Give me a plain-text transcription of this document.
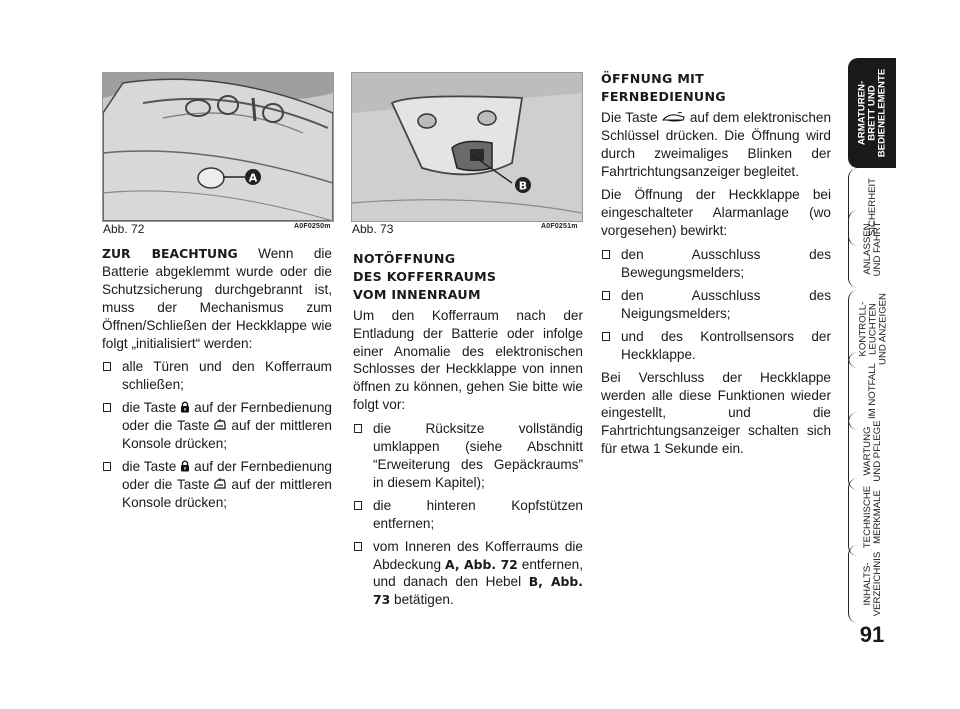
A
Abb. 72	A0F0250m
B
Abb. 73	A0F0251m

ZUR BEACHTUNG Wenn die Batterie abgeklemmt wurde oder die Schutzsicherung durchgebrannt ist, muss der Mechanismus zum Öffnen/Schließen der Heckklappe wie folgt „initialisiert“ werden:

alle Türen und den Kofferraum schließen;
die Taste auf der Fernbedienung oder die Taste auf der mittleren Konsole drücken;
die Taste auf der Fernbedienung oder die Taste auf der mittleren Konsole drücken;
NOTÖFFNUNG
DES KOFFERRAUMS
VOM INNENRAUM

Um den Kofferraum nach der Entladung der Batterie oder infolge einer Anomalie des elektronischen Schlosses der Heckklappe von innen öffnen zu können, gehen Sie bitte wie folgt vor:

die Rücksitze vollständig umklappen (siehe Abschnitt “Erweiterung des Gepäckraums” in diesem Kapitel);
die hinteren Kopfstützen entfernen;
vom Inneren des Kofferraums die Abdeckung A, Abb. 72 entfernen, und danach den Hebel B, Abb. 73 betätigen.
ÖFFNUNG MIT
FERNBEDIENUNG

Die Taste auf dem elektronischen Schlüssel drücken. Die Öffnung wird durch zweimaliges Blinken der Fahrtrichtungsanzeiger begleitet.

Die Öffnung der Heckklappe bei eingeschalteter Alarmanlage (wo vorgesehen) bewirkt:

den Ausschluss des Bewegungsmelders;
den Ausschluss des Neigungsmelders;
und des Kontrollsensors der Heckklappe.

Bei Verschluss der Heckklappe werden alle diese Funktionen wieder eingestellt, und die Fahrtrichtungsanzeiger schalten sich für etwa 1 Sekunde ein.

ARMATUREN-
BRETT UND
BEDIENELEMENTE
SICHERHEIT
ANLASSEN
UND FAHRT
KONTROLL-
LEUCHTEN
UND ANZEIGEN
IM NOTFALL
WARTUNG
UND PFLEGE
TECHNISCHE
MERKMALE
INHALTS-
VERZEICHNIS
91
